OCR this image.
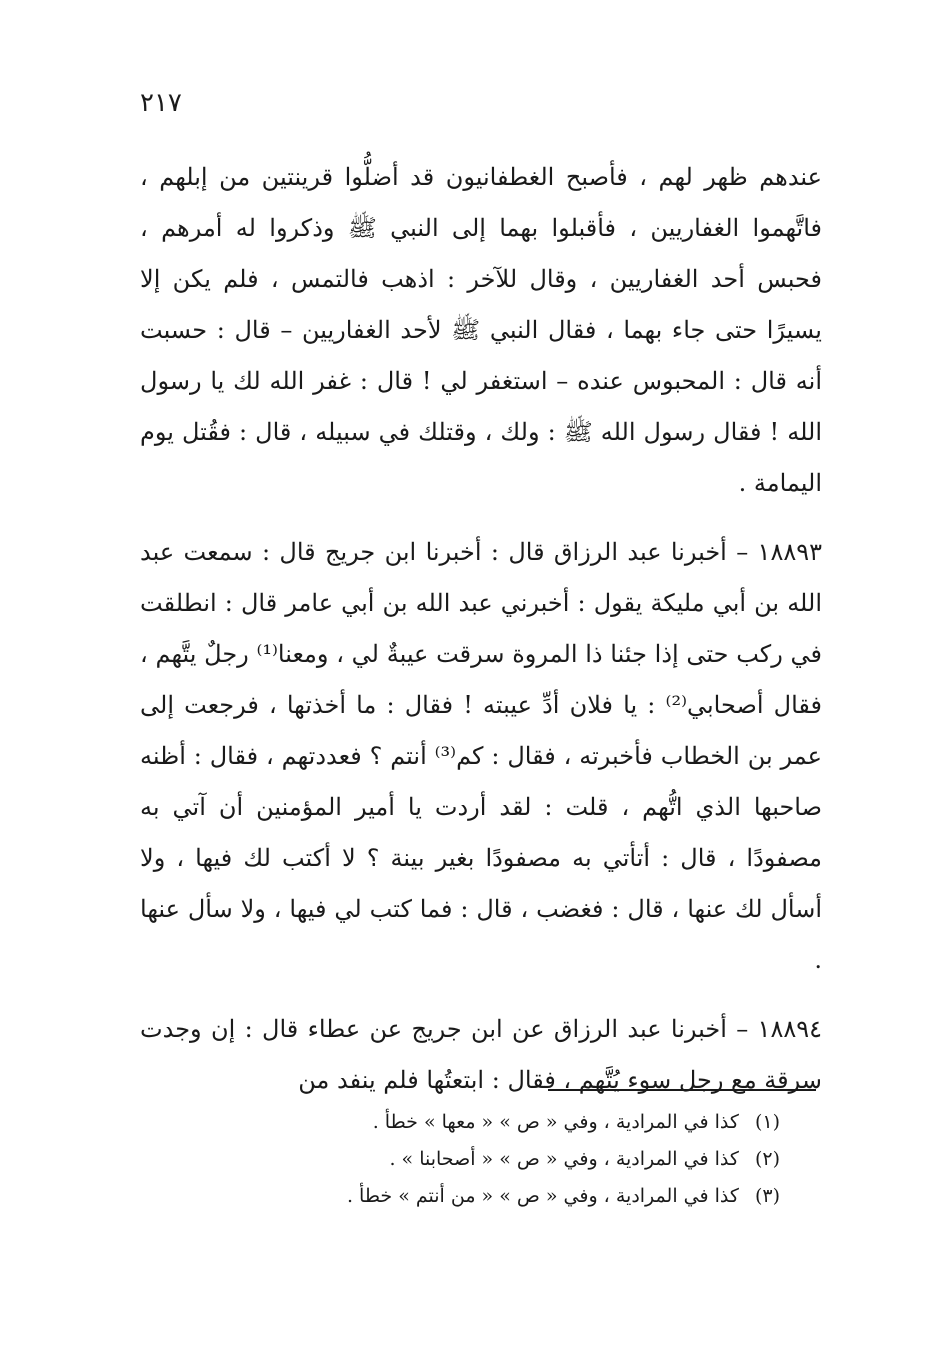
٢١٧

عندهم ظهر لهم ، فأصبح الغطفانيون قد أضلُّوا قرينتين من إبلهم ، فاتَّهموا الغفاريين ، فأقبلوا بهما إلى النبي ﷺ وذكروا له أمرهم ، فحبس أحد الغفاريين ، وقال للآخر : اذهب فالتمس ، فلم يكن إلا يسيرًا حتى جاء بهما ، فقال النبي ﷺ لأحد الغفاريين – قال : حسبت أنه قال : المحبوس عنده – استغفر لي ! قال : غفر الله لك يا رسول الله ! فقال رسول الله ﷺ : ولك ، وقتلك في سبيله ، قال : فقُتل يوم اليمامة .

١٨٨٩٣ – أخبرنا عبد الرزاق قال : أخبرنا ابن جريج قال : سمعت عبد الله بن أبي مليكة يقول : أخبرني عبد الله بن أبي عامر قال : انطلقت في ركب حتى إذا جئنا ذا المروة سرقت عيبةٌ لي ، ومعنا⁽¹⁾ رجلٌ يتَّهم ، فقال أصحابي⁽²⁾ : يا فلان أدِّ عيبته ! فقال : ما أخذتها ، فرجعت إلى عمر بن الخطاب فأخبرته ، فقال : كم⁽³⁾ أنتم ؟ فعددتهم ، فقال : أظنه صاحبها الذي اتُّهم ، قلت : لقد أردت يا أمير المؤمنين أن آتي به مصفودًا ، قال : أتأتي به مصفودًا بغير بينة ؟ لا أكتب لك فيها ، ولا أسأل لك عنها ، قال : فغضب ، قال : فما كتب لي فيها ، ولا سأل عنها .

١٨٨٩٤ – أخبرنا عبد الرزاق عن ابن جريج عن عطاء قال : إن وجدت سرقة مع رجل سوء يُتَّهم ، فقال : ابتعتُها فلم ينفد من

(١) كذا في المرادية ، وفي « ص » « معها » خطأ .
(٢) كذا في المرادية ، وفي « ص » « أصحابنا » .
(٣) كذا في المرادية ، وفي « ص » « من أنتم » خطأ .
